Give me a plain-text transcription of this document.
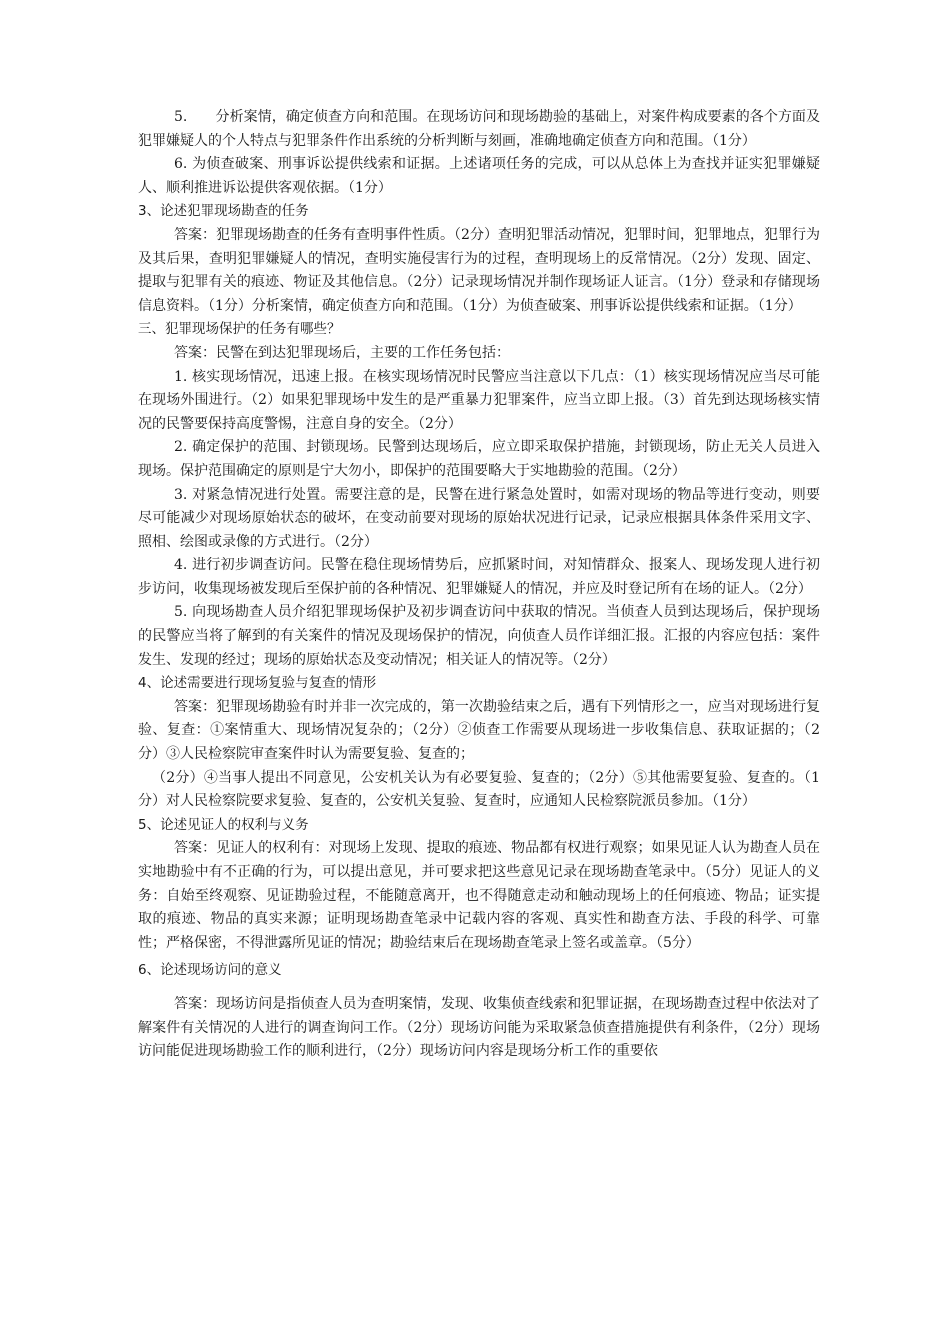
5.　　分析案情，确定侦查方向和范围。在现场访问和现场勘验的基础上，对案件构成要素的各个方面及犯罪嫌疑人的个人特点与犯罪条件作出系统的分析判断与刻画，准确地确定侦查方向和范围。（1分）

6. 为侦查破案、刑事诉讼提供线索和证据。上述诸项任务的完成，可以从总体上为查找并证实犯罪嫌疑人、顺利推进诉讼提供客观依据。（1分）

3、论述犯罪现场勘查的任务

答案：犯罪现场勘查的任务有查明事件性质。（2分）查明犯罪活动情况，犯罪时间，犯罪地点，犯罪行为及其后果，查明犯罪嫌疑人的情况，查明实施侵害行为的过程，查明现场上的反常情况。（2分）发现、固定、提取与犯罪有关的痕迹、物证及其他信息。（2分）记录现场情况并制作现场证人证言。（1分）登录和存储现场信息资料。（1分）分析案情，确定侦查方向和范围。（1分）为侦查破案、刑事诉讼提供线索和证据。（1分）

三、犯罪现场保护的任务有哪些？

答案：民警在到达犯罪现场后，主要的工作任务包括：

1. 核实现场情况，迅速上报。在核实现场情况时民警应当注意以下几点：（1）核实现场情况应当尽可能在现场外围进行。（2）如果犯罪现场中发生的是严重暴力犯罪案件，应当立即上报。（3）首先到达现场核实情况的民警要保持高度警惕，注意自身的安全。（2分）

2. 确定保护的范围、封锁现场。民警到达现场后，应立即采取保护措施，封锁现场，防止无关人员进入现场。保护范围确定的原则是宁大勿小，即保护的范围要略大于实地勘验的范围。（2分）

3. 对紧急情况进行处置。需要注意的是，民警在进行紧急处置时，如需对现场的物品等进行变动，则要尽可能减少对现场原始状态的破坏，在变动前要对现场的原始状况进行记录，记录应根据具体条件采用文字、照相、绘图或录像的方式进行。（2分）

4. 进行初步调查访问。民警在稳住现场情势后，应抓紧时间，对知情群众、报案人、现场发现人进行初步访问，收集现场被发现后至保护前的各种情况、犯罪嫌疑人的情况，并应及时登记所有在场的证人。（2分）

5. 向现场勘查人员介绍犯罪现场保护及初步调查访问中获取的情况。当侦查人员到达现场后，保护现场的民警应当将了解到的有关案件的情况及现场保护的情况，向侦查人员作详细汇报。汇报的内容应包括：案件发生、发现的经过；现场的原始状态及变动情况；相关证人的情况等。（2分）

4、论述需要进行现场复验与复查的情形

答案：犯罪现场勘验有时并非一次完成的，第一次勘验结束之后，遇有下列情形之一，应当对现场进行复验、复查：①案情重大、现场情况复杂的；（2分）②侦查工作需要从现场进一步收集信息、获取证据的；（2分）③人民检察院审查案件时认为需要复验、复查的；

（2分）④当事人提出不同意见，公安机关认为有必要复验、复查的；（2分）⑤其他需要复验、复查的。（1分）对人民检察院要求复验、复查的，公安机关复验、复查时，应通知人民检察院派员参加。（1分）

5、论述见证人的权利与义务

答案：见证人的权利有：对现场上发现、提取的痕迹、物品都有权进行观察；如果见证人认为勘查人员在实地勘验中有不正确的行为，可以提出意见，并可要求把这些意见记录在现场勘查笔录中。（5分）见证人的义务：自始至终观察、见证勘验过程，不能随意离开，也不得随意走动和触动现场上的任何痕迹、物品；证实提取的痕迹、物品的真实来源；证明现场勘查笔录中记载内容的客观、真实性和勘查方法、手段的科学、可靠性；严格保密，不得泄露所见证的情况；勘验结束后在现场勘查笔录上签名或盖章。（5分）

6、论述现场访问的意义

答案：现场访问是指侦查人员为查明案情，发现、收集侦查线索和犯罪证据，在现场勘查过程中依法对了解案件有关情况的人进行的调查询问工作。（2分）现场访问能为采取紧急侦查措施提供有利条件，（2分）现场访问能促进现场勘验工作的顺利进行，（2分）现场访问内容是现场分析工作的重要依
